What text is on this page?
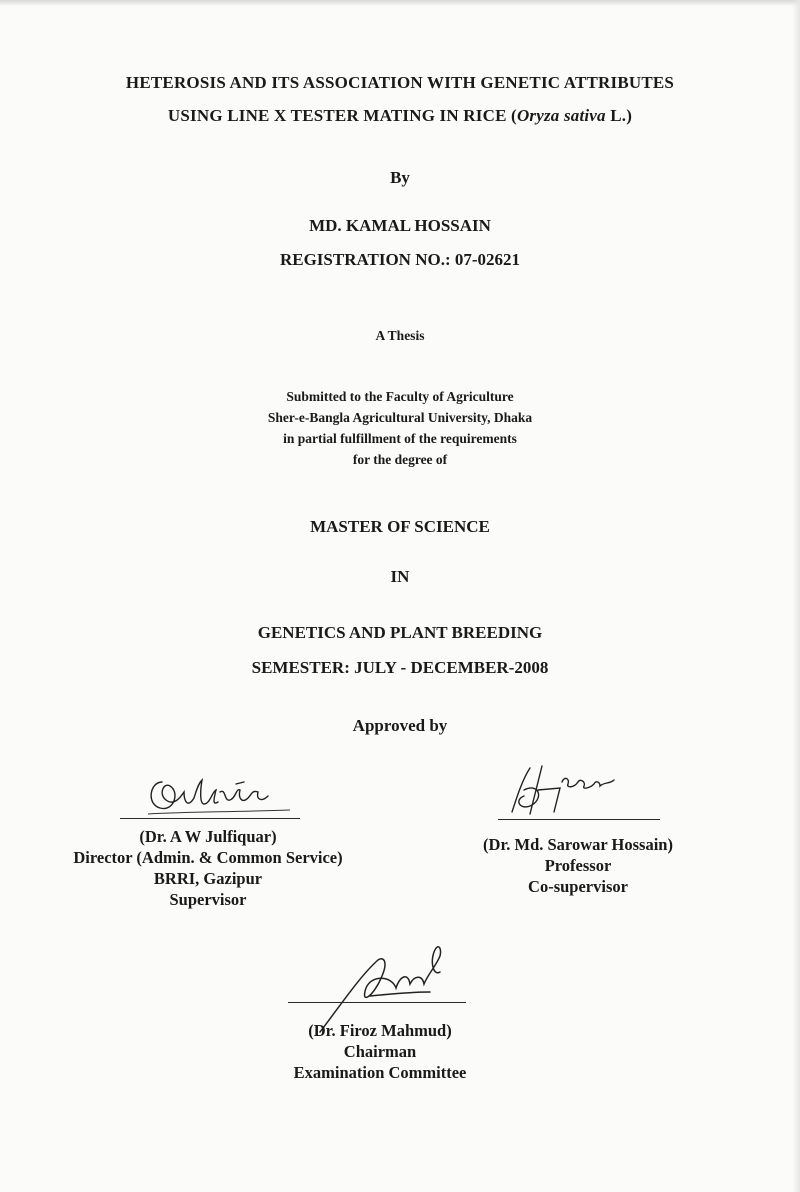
HETEROSIS AND ITS ASSOCIATION WITH GENETIC ATTRIBUTES
USING LINE X TESTER MATING IN RICE (Oryza sativa L.)
By
MD. KAMAL HOSSAIN
REGISTRATION NO.: 07-02621
A Thesis
Submitted to the Faculty of Agriculture
Sher-e-Bangla Agricultural University, Dhaka
in partial fulfillment of the requirements
for the degree of
MASTER OF SCIENCE
IN
GENETICS AND PLANT BREEDING
SEMESTER: JULY - DECEMBER-2008
Approved by
(Dr. A W Julfiquar)
Director (Admin. & Common Service)
BRRI, Gazipur
Supervisor
(Dr. Md. Sarowar Hossain)
Professor
Co-supervisor
(Dr. Firoz Mahmud)
Chairman
Examination Committee
